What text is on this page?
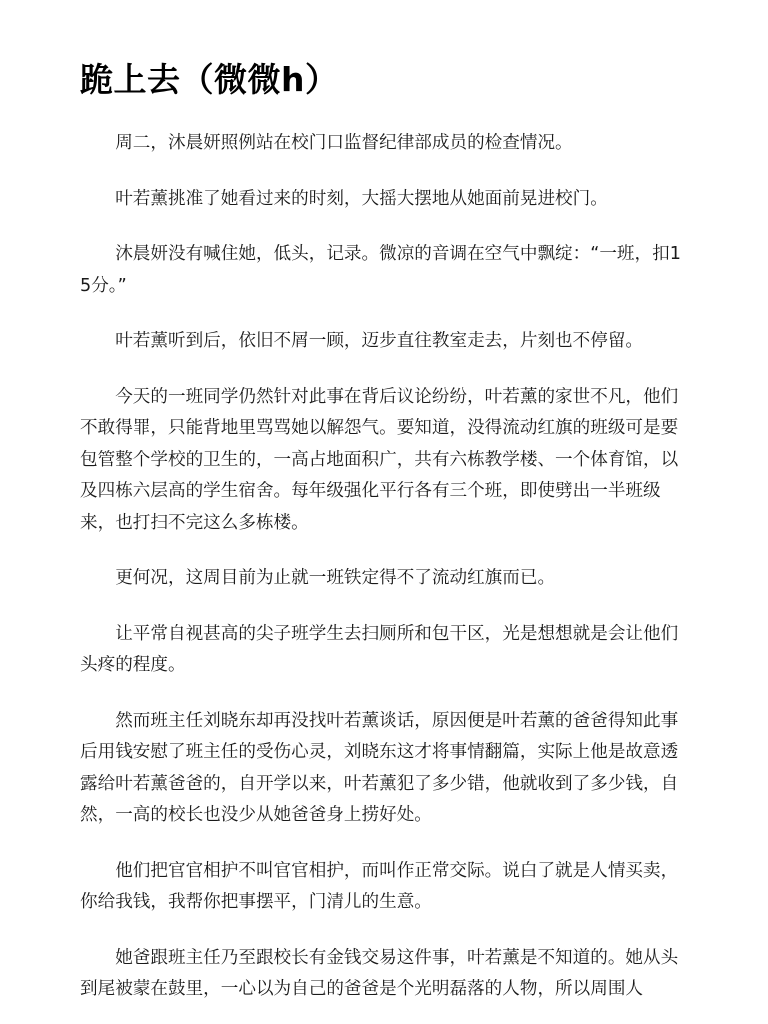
跪上去（微微h）

周二，沐晨妍照例站在校门口监督纪律部成员的检查情况。

叶若薰挑准了她看过来的时刻，大摇大摆地从她面前晃进校门。

沐晨妍没有喊住她，低头，记录。微凉的音调在空气中飘绽：“一班，扣15分。”

叶若薰听到后，依旧不屑一顾，迈步直往教室走去，片刻也不停留。

今天的一班同学仍然针对此事在背后议论纷纷，叶若薰的家世不凡，他们不敢得罪，只能背地里骂骂她以解怨气。要知道，没得流动红旗的班级可是要包管整个学校的卫生的，一高占地面积广，共有六栋教学楼、一个体育馆，以及四栋六层高的学生宿舍。每年级强化平行各有三个班，即使劈出一半班级来，也打扫不完这么多栋楼。

更何况，这周目前为止就一班铁定得不了流动红旗而已。

让平常自视甚高的尖子班学生去扫厕所和包干区，光是想想就是会让他们头疼的程度。

然而班主任刘晓东却再没找叶若薰谈话，原因便是叶若薰的爸爸得知此事后用钱安慰了班主任的受伤心灵，刘晓东这才将事情翻篇，实际上他是故意透露给叶若薰爸爸的，自开学以来，叶若薰犯了多少错，他就收到了多少钱，自然，一高的校长也没少从她爸爸身上捞好处。

他们把官官相护不叫官官相护，而叫作正常交际。说白了就是人情买卖，你给我钱，我帮你把事摆平，门清儿的生意。

她爸跟班主任乃至跟校长有金钱交易这件事，叶若薰是不知道的。她从头到尾被蒙在鼓里，一心以为自己的爸爸是个光明磊落的人物，所以周围人
